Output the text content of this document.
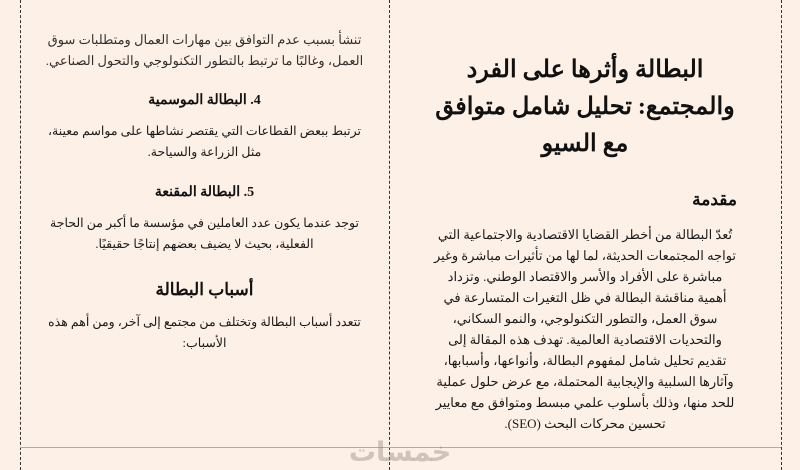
البطالة وأثرها على الفرد والمجتمع: تحليل شامل متوافق مع السيو
مقدمة
تُعدّ البطالة من أخطر القضايا الاقتصادية والاجتماعية التي تواجه المجتمعات الحديثة، لما لها من تأثيرات مباشرة وغير مباشرة على الأفراد والأسر والاقتصاد الوطني. وتزداد أهمية مناقشة البطالة في ظل التغيرات المتسارعة في سوق العمل، والتطور التكنولوجي، والنمو السكاني، والتحديات الاقتصادية العالمية. تهدف هذه المقالة إلى تقديم تحليل شامل لمفهوم البطالة، وأنواعها، وأسبابها، وآثارها السلبية والإيجابية المحتملة، مع عرض حلول عملية للحد منها، وذلك بأسلوب علمي مبسط ومتوافق مع معايير تحسين محركات البحث (SEO).
تنشأ بسبب عدم التوافق بين مهارات العمال ومتطلبات سوق العمل، وغالبًا ما ترتبط بالتطور التكنولوجي والتحول الصناعي.
4. البطالة الموسمية
ترتبط ببعض القطاعات التي يقتصر نشاطها على مواسم معينة، مثل الزراعة والسياحة.
5. البطالة المقنعة
توجد عندما يكون عدد العاملين في مؤسسة ما أكبر من الحاجة الفعلية، بحيث لا يضيف بعضهم إنتاجًا حقيقيًا.
أسباب البطالة
تتعدد أسباب البطالة وتختلف من مجتمع إلى آخر، ومن أهم هذه الأسباب:
خمسات
